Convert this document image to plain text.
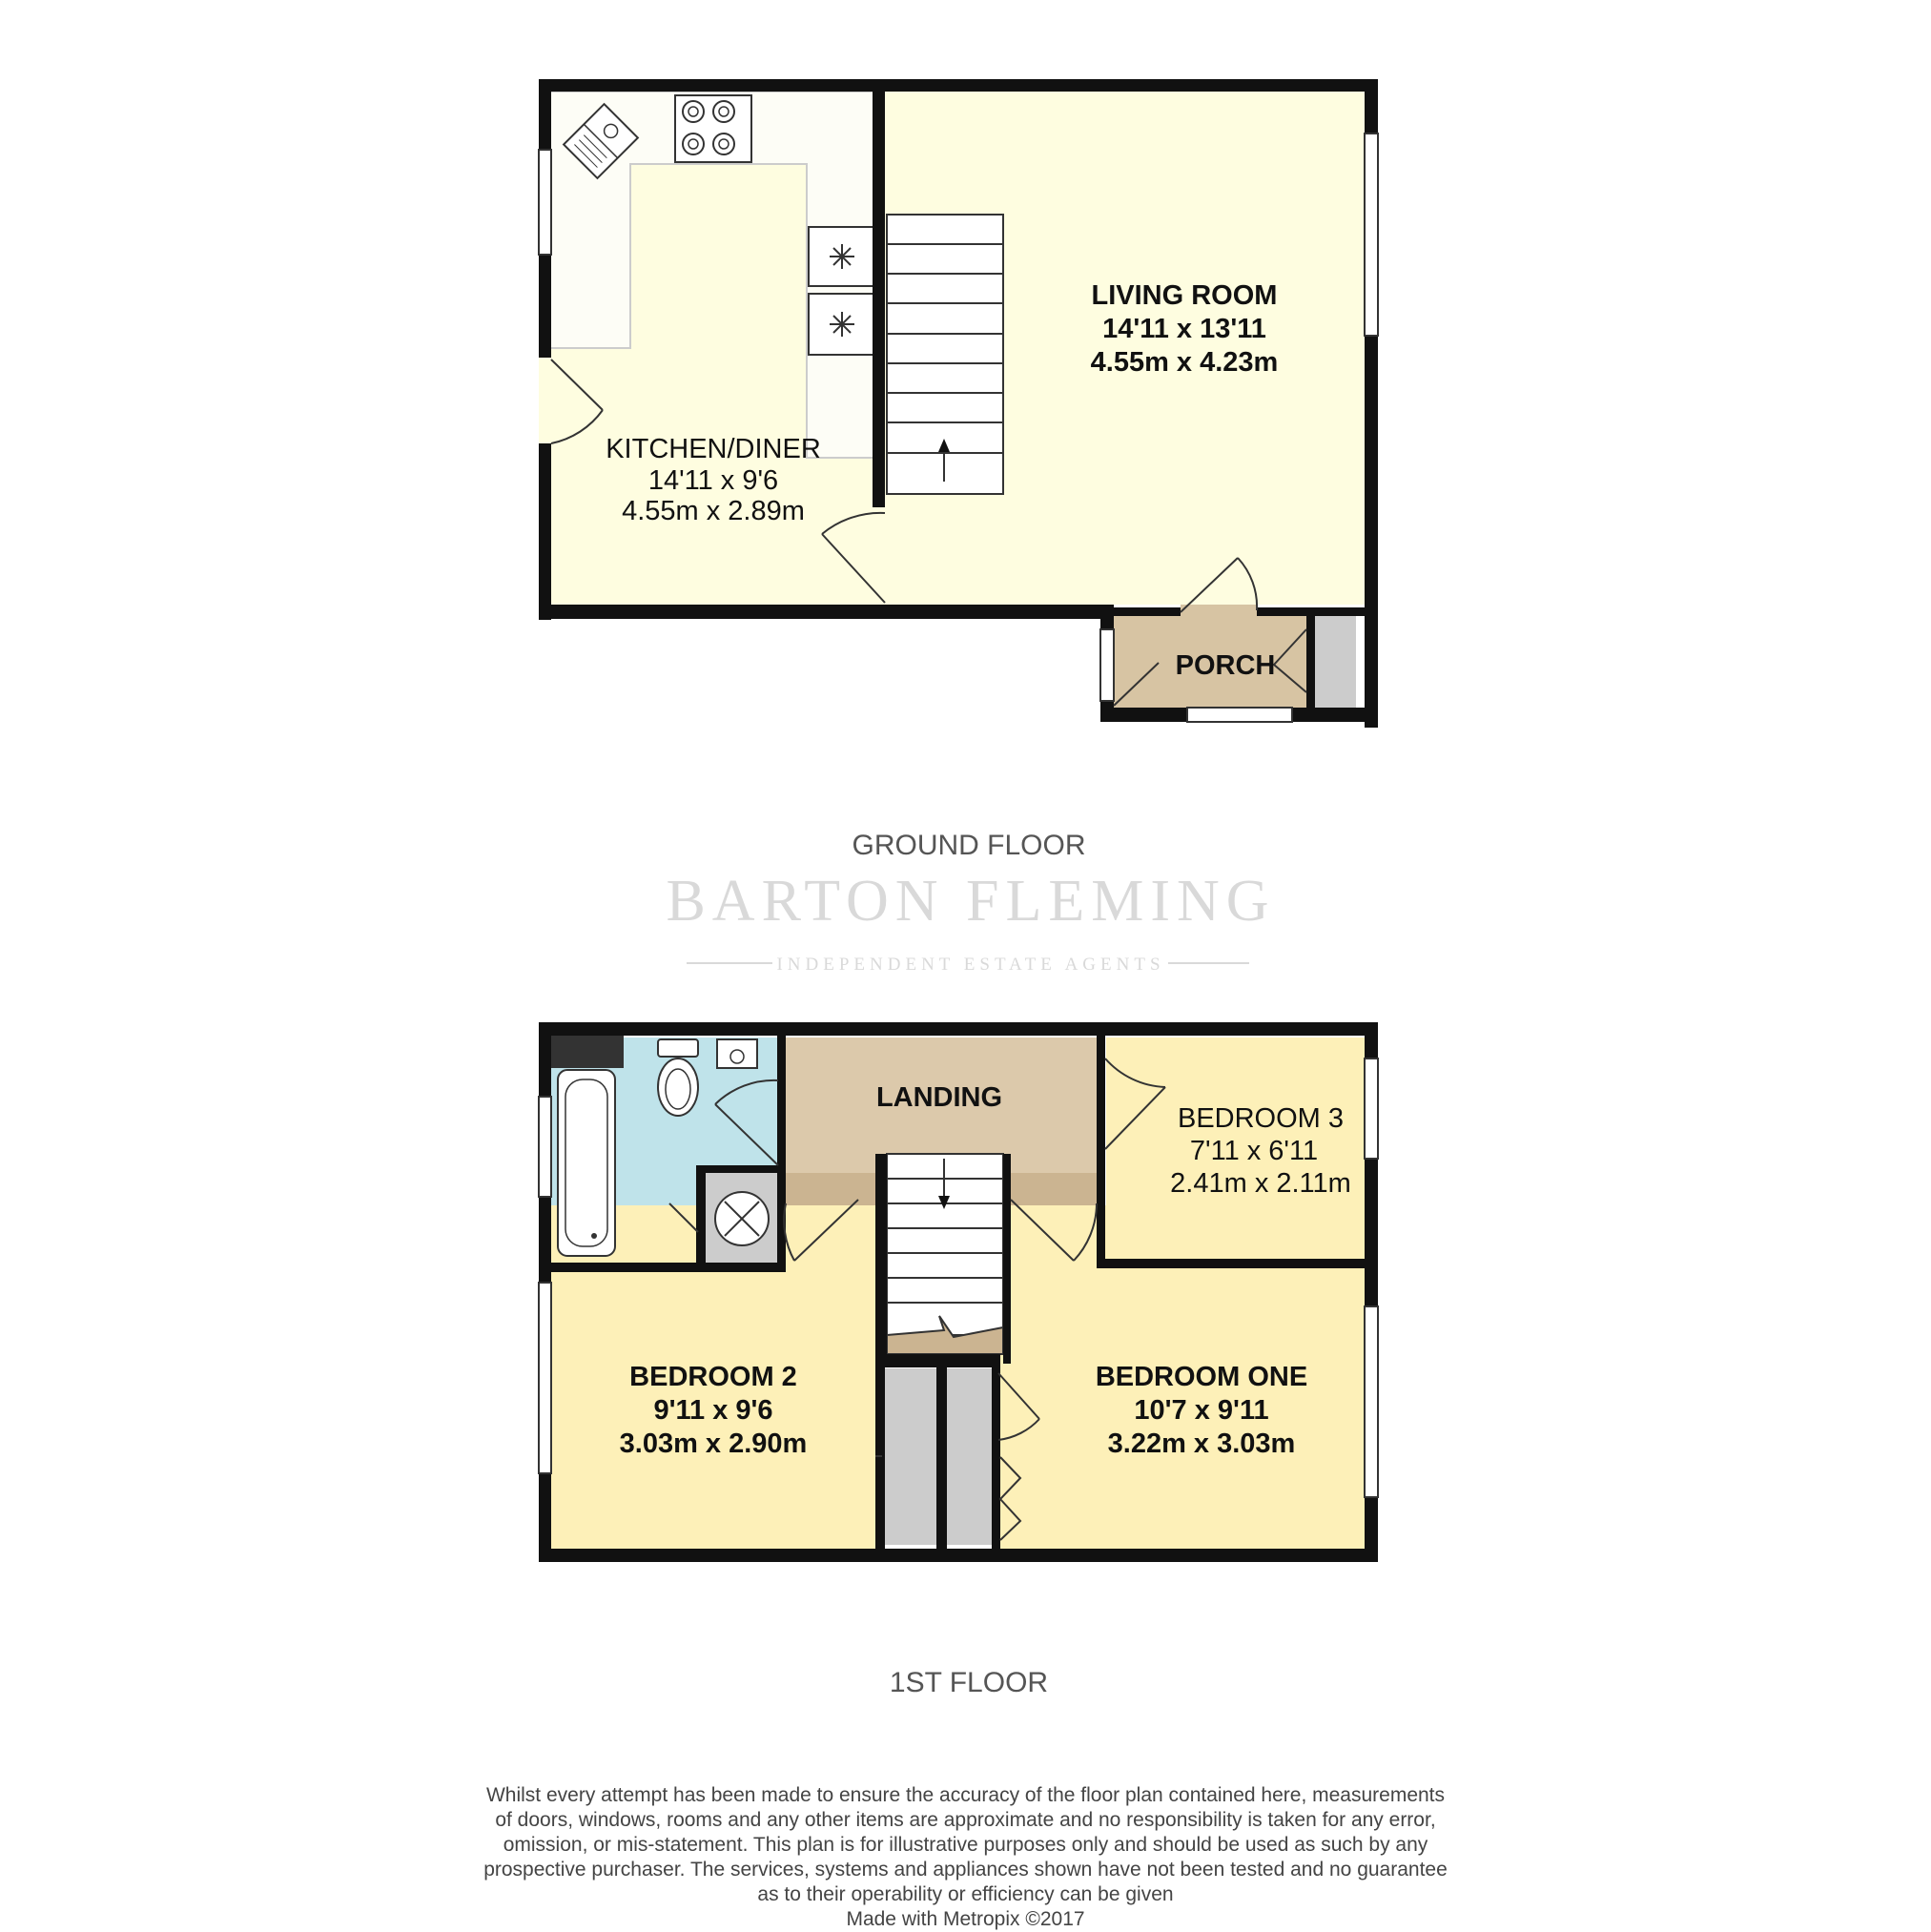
LIVING ROOM
14'11 x 13'11
4.55m x 4.23m
KITCHEN/DINER
14'11 x 9'6
4.55m x 2.89m
PORCH
GROUND FLOOR
BARTON FLEMING
INDEPENDENT ESTATE AGENTS
LANDING
BEDROOM 3
7'11 x 6'11
2.41m x 2.11m
BEDROOM 2
9'11 x 9'6
3.03m x 2.90m
BEDROOM ONE
10'7 x 9'11
3.22m x 3.03m
1ST FLOOR

Whilst every attempt has been made to ensure the accuracy of the floor plan contained here, measurements

of doors, windows, rooms and any other items are approximate and no responsibility is taken for any error,

omission, or mis-statement. This plan is for illustrative purposes only and should be used as such by any

prospective purchaser. The services, systems and appliances shown have not been tested and no guarantee

as to their operability or efficiency can be given

Made with Metropix ©2017
